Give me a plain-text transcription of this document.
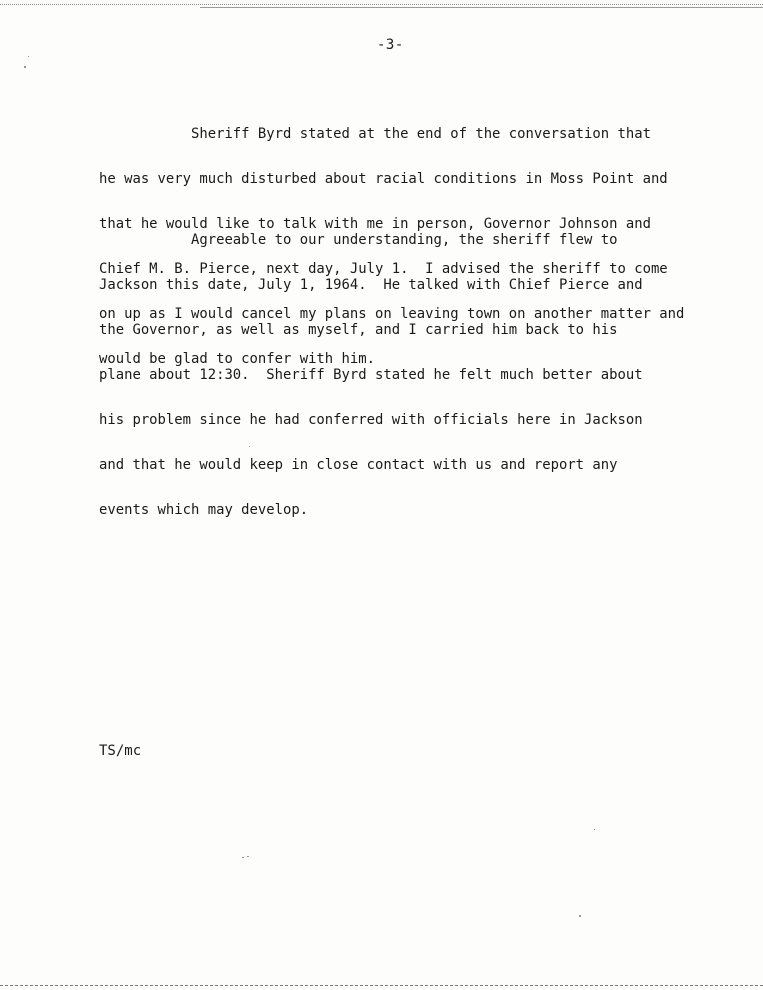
-3-

Sheriff Byrd stated at the end of the conversation that

he was very much disturbed about racial conditions in Moss Point and

that he would like to talk with me in person, Governor Johnson and

Chief M. B. Pierce, next day, July 1.  I advised the sheriff to come

on up as I would cancel my plans on leaving town on another matter and

would be glad to confer with him.

Agreeable to our understanding, the sheriff flew to

Jackson this date, July 1, 1964.  He talked with Chief Pierce and

the Governor, as well as myself, and I carried him back to his

plane about 12:30.  Sheriff Byrd stated he felt much better about

his problem since he had conferred with officials here in Jackson

and that he would keep in close contact with us and report any

events which may develop.

TS/mc
